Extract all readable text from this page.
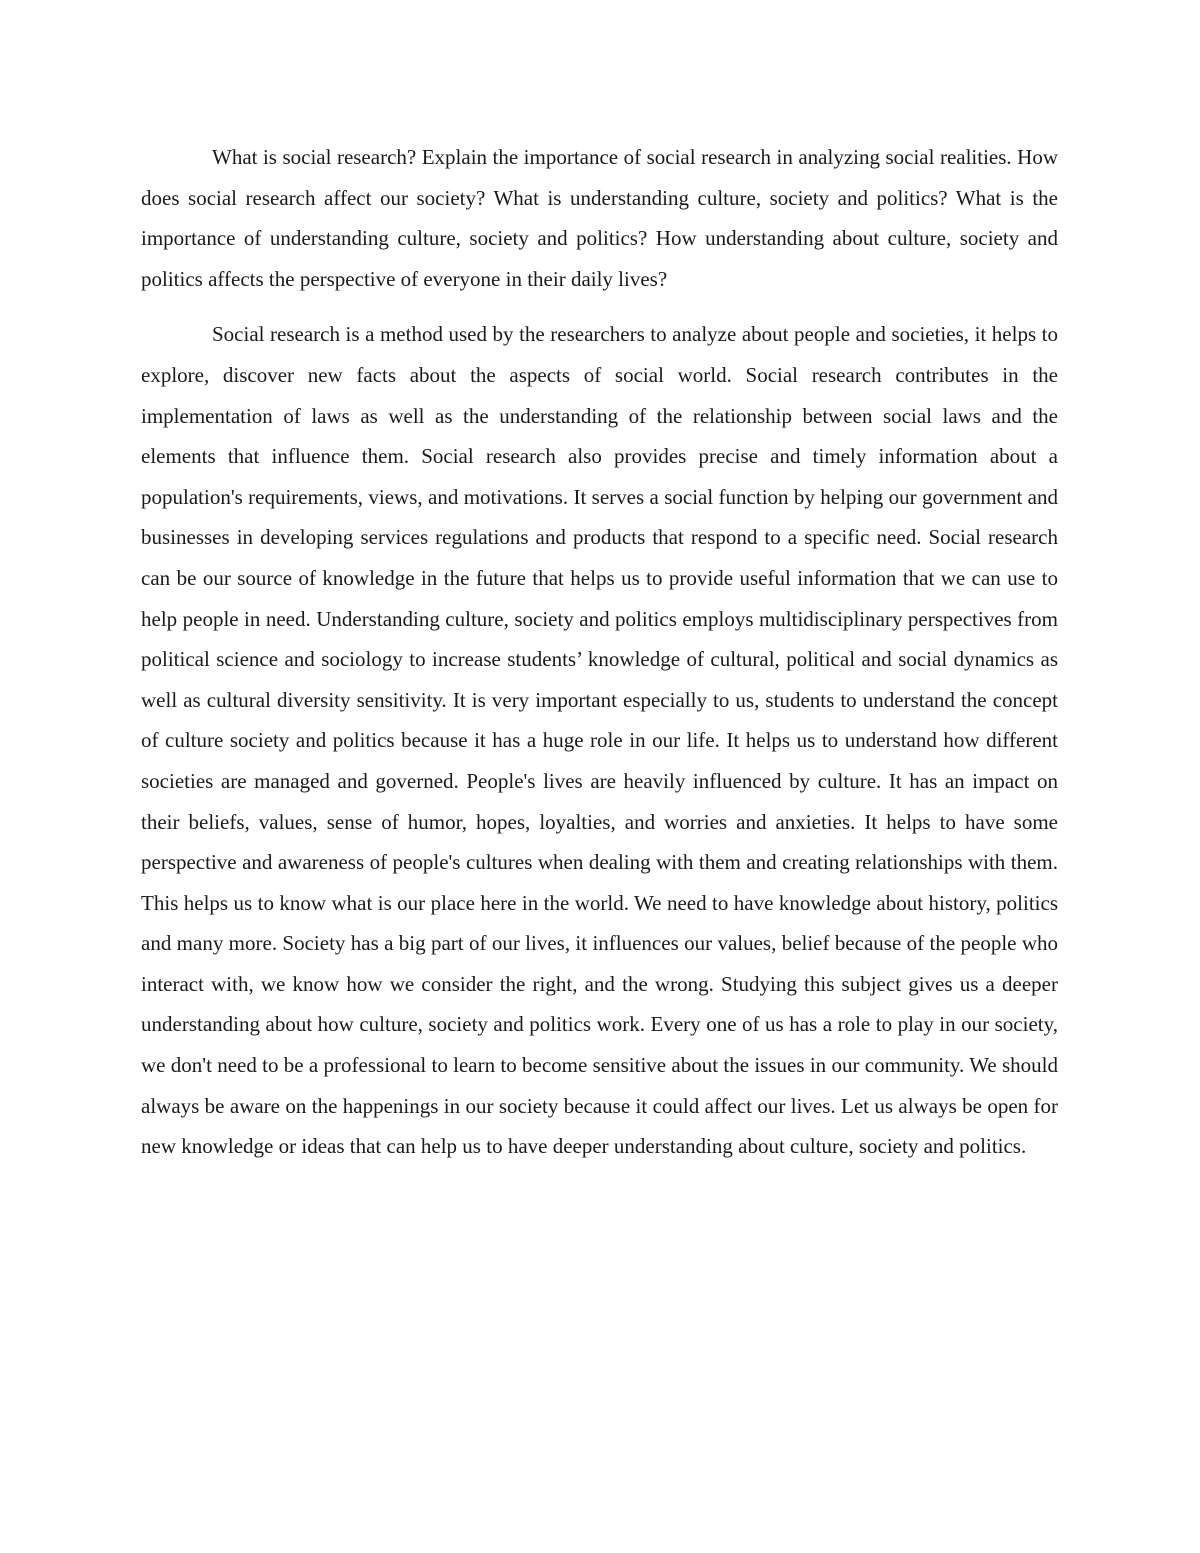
What is social research? Explain the importance of social research in analyzing social realities. How does social research affect our society? What is understanding culture, society and politics? What is the importance of understanding culture, society and politics? How understanding about culture, society and politics affects the perspective of everyone in their daily lives?

Social research is a method used by the researchers to analyze about people and societies, it helps to explore, discover new facts about the aspects of social world. Social research contributes in the implementation of laws as well as the understanding of the relationship between social laws and the elements that influence them. Social research also provides precise and timely information about a population's requirements, views, and motivations. It serves a social function by helping our government and businesses in developing services regulations and products that respond to a specific need. Social research can be our source of knowledge in the future that helps us to provide useful information that we can use to help people in need. Understanding culture, society and politics employs multidisciplinary perspectives from political science and sociology to increase students’ knowledge of cultural, political and social dynamics as well as cultural diversity sensitivity. It is very important especially to us, students to understand the concept of culture society and politics because it has a huge role in our life. It helps us to understand how different societies are managed and governed. People's lives are heavily influenced by culture. It has an impact on their beliefs, values, sense of humor, hopes, loyalties, and worries and anxieties. It helps to have some perspective and awareness of people's cultures when dealing with them and creating relationships with them. This helps us to know what is our place here in the world. We need to have knowledge about history, politics and many more. Society has a big part of our lives, it influences our values, belief because of the people who interact with, we know how we consider the right, and the wrong. Studying this subject gives us a deeper understanding about how culture, society and politics work. Every one of us has a role to play in our society, we don't need to be a professional to learn to become sensitive about the issues in our community. We should always be aware on the happenings in our society because it could affect our lives. Let us always be open for new knowledge or ideas that can help us to have deeper understanding about culture, society and politics.
